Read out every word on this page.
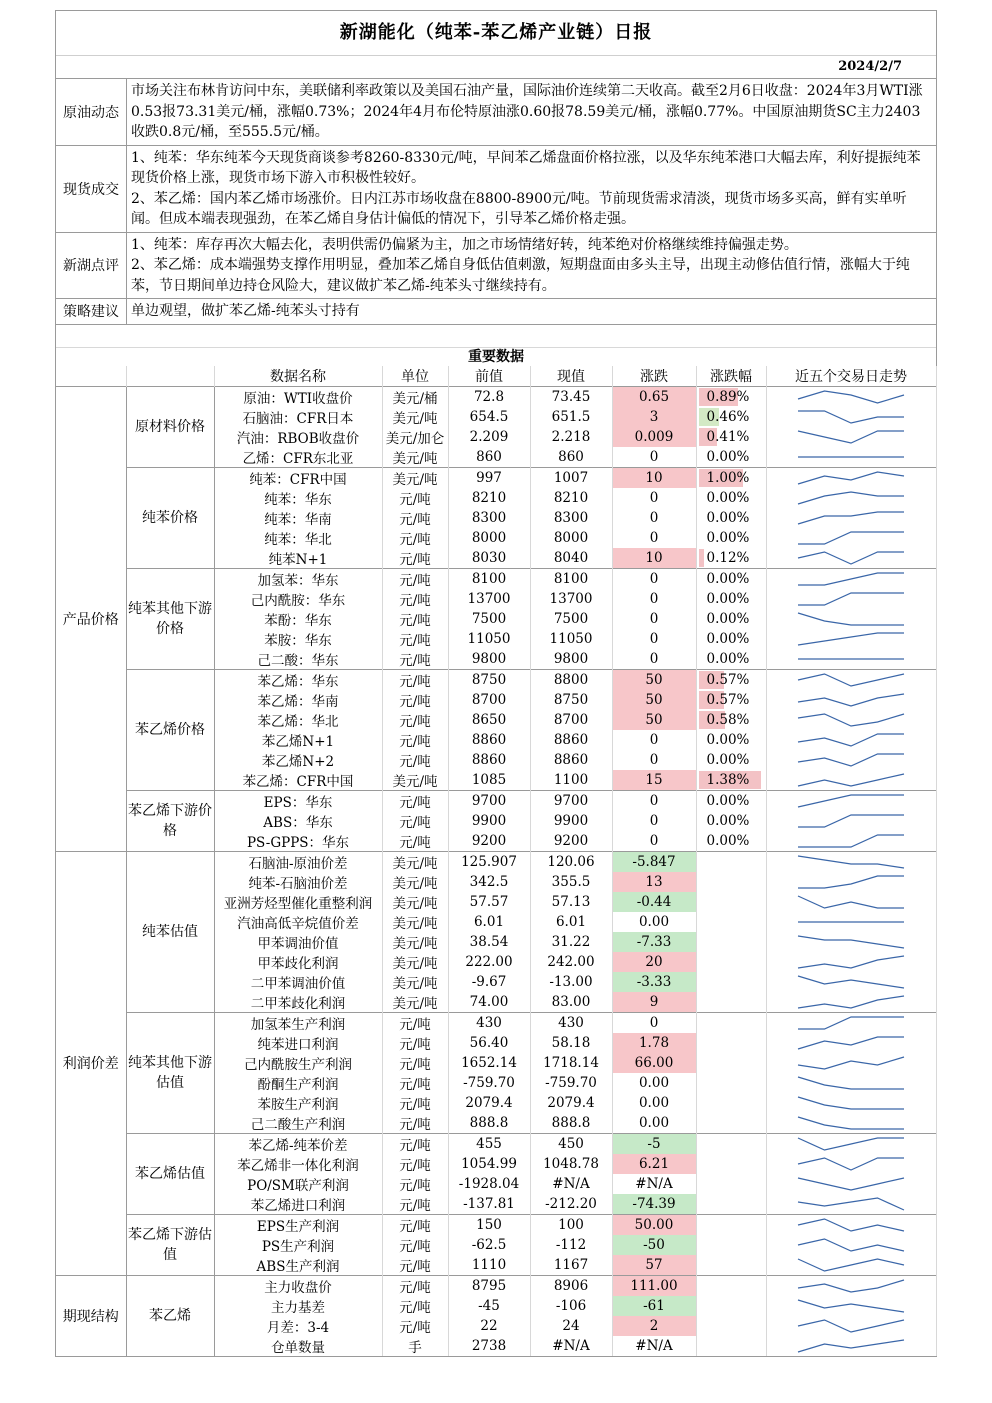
新湖能化（纯苯-苯乙烯产业链）日报
2024/2/7
原油动态

市场关注布林肯访问中东，美联储利率政策以及美国石油产量，国际油价连续第二天收高。截至2月6日收盘：2024年3月WTI涨0.53报73.31美元/桶，涨幅0.73%；2024年4月布伦特原油涨0.60报78.59美元/桶，涨幅0.77%。中国原油期货SC主力2403收跌0.8元/桶，至555.5元/桶。

现货成交

1、纯苯：华东纯苯今天现货商谈参考8260-8330元/吨，早间苯乙烯盘面价格拉涨，以及华东纯苯港口大幅去库，利好提振纯苯现货价格上涨，现货市场下游入市积极性较好。

2、苯乙烯：国内苯乙烯市场涨价。日内江苏市场收盘在8800-8900元/吨。节前现货需求清淡，现货市场多买高，鲜有实单听闻。但成本端表现强劲，在苯乙烯自身估计偏低的情况下，引导苯乙烯价格走强。

新湖点评

1、纯苯：库存再次大幅去化，表明供需仍偏紧为主，加之市场情绪好转，纯苯绝对价格继续维持偏强走势。

2、苯乙烯：成本端强势支撑作用明显，叠加苯乙烯自身低估值刺激，短期盘面由多头主导，出现主动修估值行情，涨幅大于纯苯，节日期间单边持仓风险大，建议做扩苯乙烯-纯苯头寸继续持有。

策略建议 单边观望，做扩苯乙烯-纯苯头寸持有

重要数据
		数据名称	单位	前值	现值	涨跌	涨跌幅	近五个交易日走势
产品价格	原材料价格	原油：WTI收盘价	美元/桶	72.8	73.45	0.65	0.89%	

		石脑油：CFR日本	美元/吨	654.5	651.5	3	0.46%	

		汽油：RBOB收盘价	美元/加仑	2.209	2.218	0.009	0.41%	

		乙烯：CFR东北亚	美元/吨	860	860	0	0.00%	

	纯苯价格	纯苯：CFR中国	美元/吨	997	1007	10	1.00%	

		纯苯：华东	元/吨	8210	8210	0	0.00%	

		纯苯：华南	元/吨	8300	8300	0	0.00%	

		纯苯：华北	元/吨	8000	8000	0	0.00%	

		纯苯N+1	元/吨	8030	8040	10	0.12%	

	纯苯其他下游价格	加氢苯：华东	元/吨	8100	8100	0	0.00%	

		己内酰胺：华东	元/吨	13700	13700	0	0.00%	

		苯酚：华东	元/吨	7500	7500	0	0.00%	

		苯胺：华东	元/吨	11050	11050	0	0.00%	

		己二酸：华东	元/吨	9800	9800	0	0.00%	

	苯乙烯价格	苯乙烯：华东	元/吨	8750	8800	50	0.57%	

		苯乙烯：华南	元/吨	8700	8750	50	0.57%	

		苯乙烯：华北	元/吨	8650	8700	50	0.58%	

		苯乙烯N+1	元/吨	8860	8860	0	0.00%	

		苯乙烯N+2	元/吨	8860	8860	0	0.00%	

		苯乙烯：CFR中国	美元/吨	1085	1100	15	1.38%	

	苯乙烯下游价格	EPS：华东	元/吨	9700	9700	0	0.00%	

		ABS：华东	元/吨	9900	9900	0	0.00%	

		PS-GPPS：华东	元/吨	9200	9200	0	0.00%	

利润价差	纯苯估值	石脑油-原油价差	美元/吨	125.907	120.06	-5.847		

		纯苯-石脑油价差	美元/吨	342.5	355.5	13		

		亚洲芳烃型催化重整利润	美元/吨	57.57	57.13	-0.44		

		汽油高低辛烷值价差	美元/吨	6.01	6.01	0.00		

		甲苯调油价值	美元/吨	38.54	31.22	-7.33		

		甲苯歧化利润	美元/吨	222.00	242.00	20		

		二甲苯调油价值	美元/吨	-9.67	-13.00	-3.33		

		二甲苯歧化利润	美元/吨	74.00	83.00	9		

	纯苯其他下游估值	加氢苯生产利润	元/吨	430	430	0		

		纯苯进口利润	元/吨	56.40	58.18	1.78		

		己内酰胺生产利润	元/吨	1652.14	1718.14	66.00		

		酚酮生产利润	元/吨	-759.70	-759.70	0.00		

		苯胺生产利润	元/吨	2079.4	2079.4	0.00		

		己二酸生产利润	元/吨	888.8	888.8	0.00		

	苯乙烯估值	苯乙烯-纯苯价差	元/吨	455	450	-5		

		苯乙烯非一体化利润	元/吨	1054.99	1048.78	6.21		

		PO/SM联产利润	元/吨	-1928.04	#N/A	#N/A		

		苯乙烯进口利润	元/吨	-137.81	-212.20	-74.39		

	苯乙烯下游估值	EPS生产利润	元/吨	150	100	50.00		

		PS生产利润	元/吨	-62.5	-112	-50		

		ABS生产利润	元/吨	1110	1167	57		

期现结构	苯乙烯	主力收盘价	元/吨	8795	8906	111.00		

		主力基差	元/吨	-45	-106	-61		

		月差：3-4	元/吨	22	24	2		

		仓单数量	手	2738	#N/A	#N/A		
